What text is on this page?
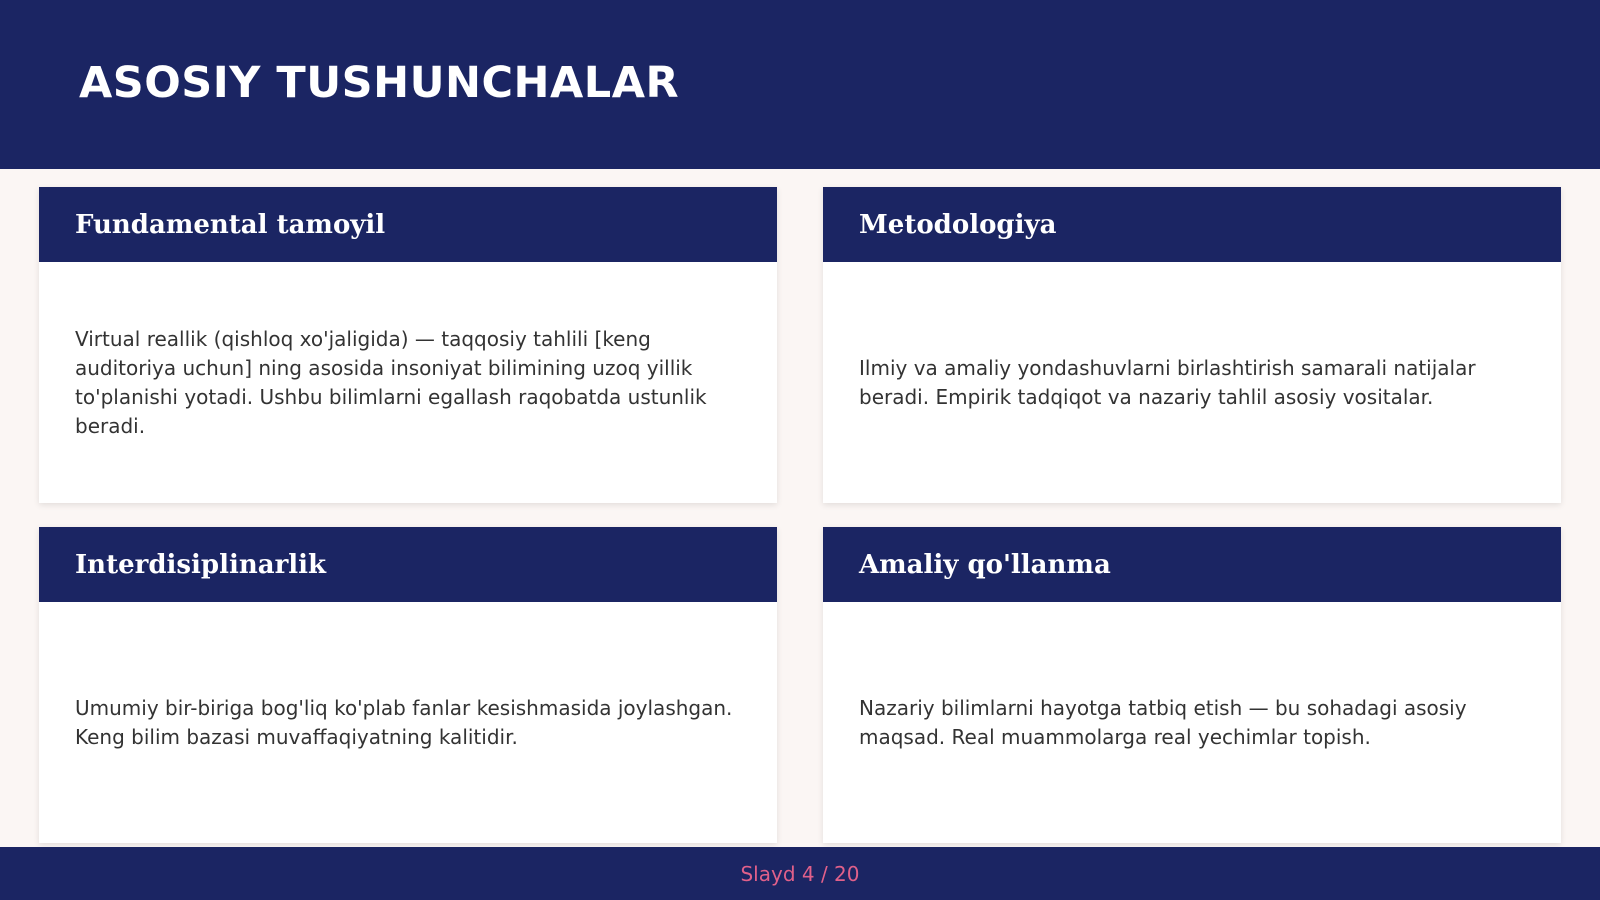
ASOSIY TUSHUNCHALAR
Fundamental tamoyil

Virtual reallik (qishloq xo'jaligida) — taqqosiy tahlili [keng auditoriya uchun] ning asosida insoniyat bilimining uzoq yillik to'planishi yotadi. Ushbu bilimlarni egallash raqobatda ustunlik beradi.

Metodologiya

Ilmiy va amaliy yondashuvlarni birlashtirish samarali natijalar beradi. Empirik tadqiqot va nazariy tahlil asosiy vositalar.

Interdisiplinarlik

Umumiy bir-biriga bog'liq ko'plab fanlar kesishmasida joylashgan. Keng bilim bazasi muvaffaqiyatning kalitidir.

Amaliy qo'llanma

Nazariy bilimlarni hayotga tatbiq etish — bu sohadagi asosiy maqsad. Real muammolarga real yechimlar topish.

Slayd 4 / 20
